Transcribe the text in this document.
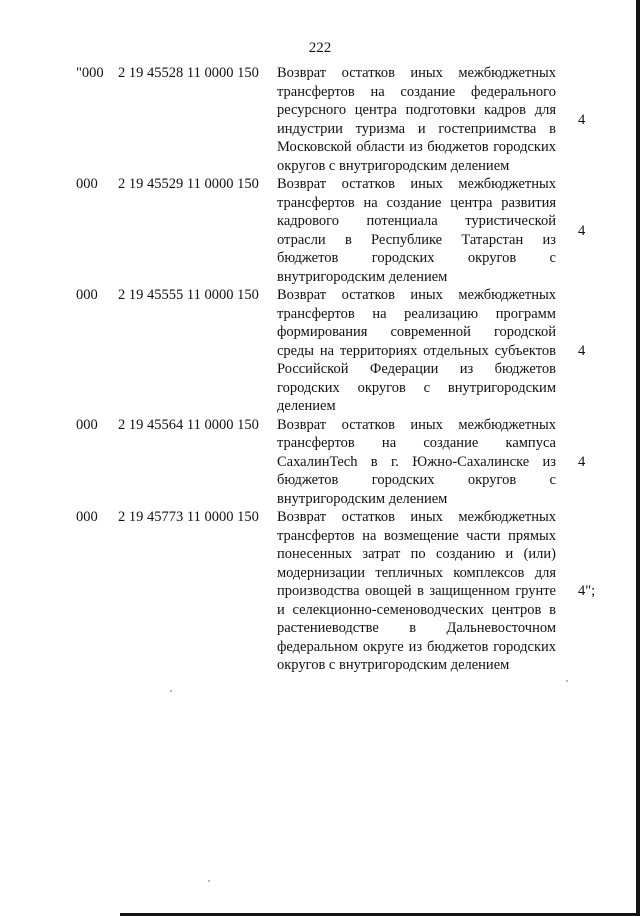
222
"000 2 19 45528 11 0000 150 Возврат остатков иных межбюджетных трансфертов на создание федерального ресурсного центра подготовки кадров для индустрии туризма и гостеприимства в Московской области из бюджетов городских округов с внутригородским делением
4
000 2 19 45529 11 0000 150 Возврат остатков иных межбюджетных трансфертов на создание центра развития кадрового потенциала туристической отрасли в Республике Татарстан из бюджетов городских округов с внутригородским делением
4
000 2 19 45555 11 0000 150 Возврат остатков иных межбюджетных трансфертов на реализацию программ формирования современной городской среды на территориях отдельных субъектов Российской Федерации из бюджетов городских округов с внутригородским делением
4
000 2 19 45564 11 0000 150 Возврат остатков иных межбюджетных трансфертов на создание кампуса СахалинTech в г. Южно-Сахалинске из бюджетов городских округов с внутригородским делением
4
000 2 19 45773 11 0000 150 Возврат остатков иных межбюджетных трансфертов на возмещение части прямых понесенных затрат по созданию и (или) модернизации тепличных комплексов для производства овощей в защищенном грунте и селекционно-семеноводческих центров в растениеводстве в Дальневосточном федеральном округе из бюджетов городских округов с внутригородским делением
4";
